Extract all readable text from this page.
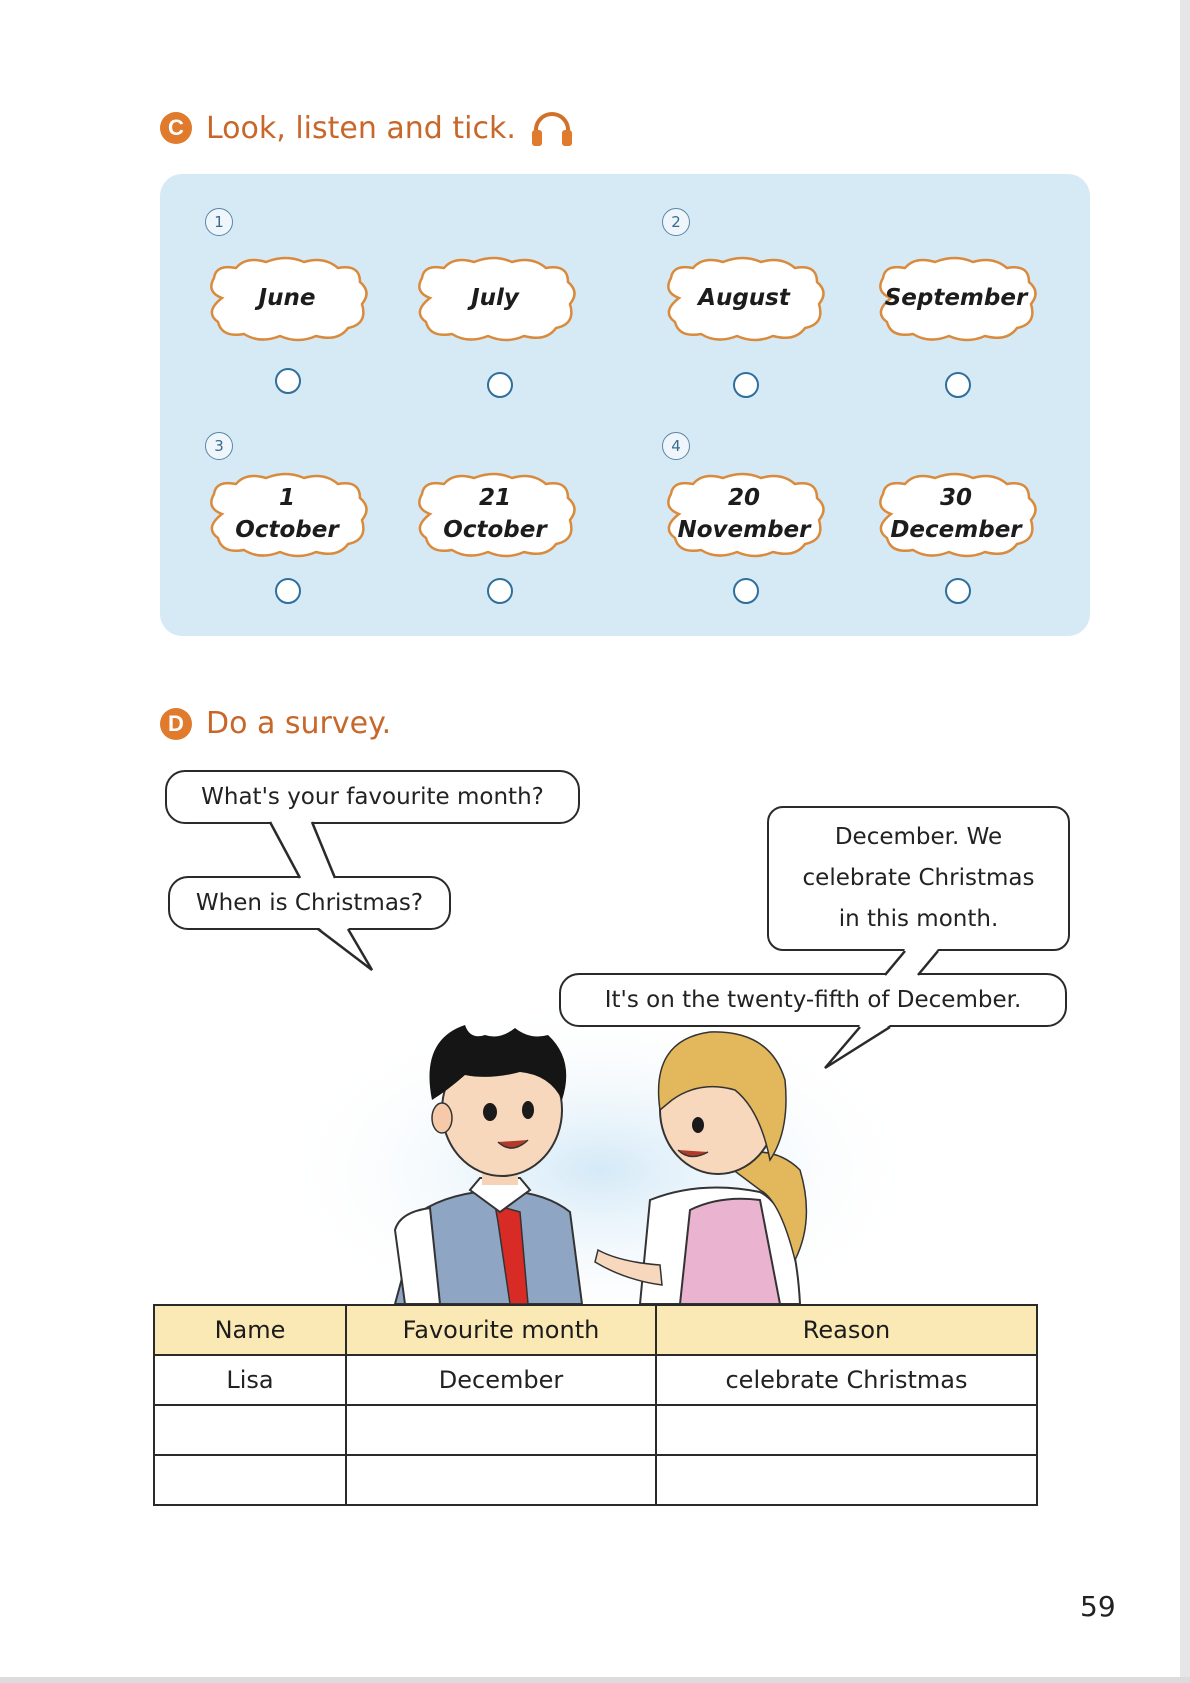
C Look, listen and tick.
1	2
3	4
June	July	August	September
1
October
21
October
20
November
30
December
D Do a survey.
What's your favourite month?
When is Christmas?
December. We
celebrate Christmas
in this month.
It's on the twenty-fifth of December.
Name	Favourite month	Reason
Lisa	December	celebrate Christmas

59
